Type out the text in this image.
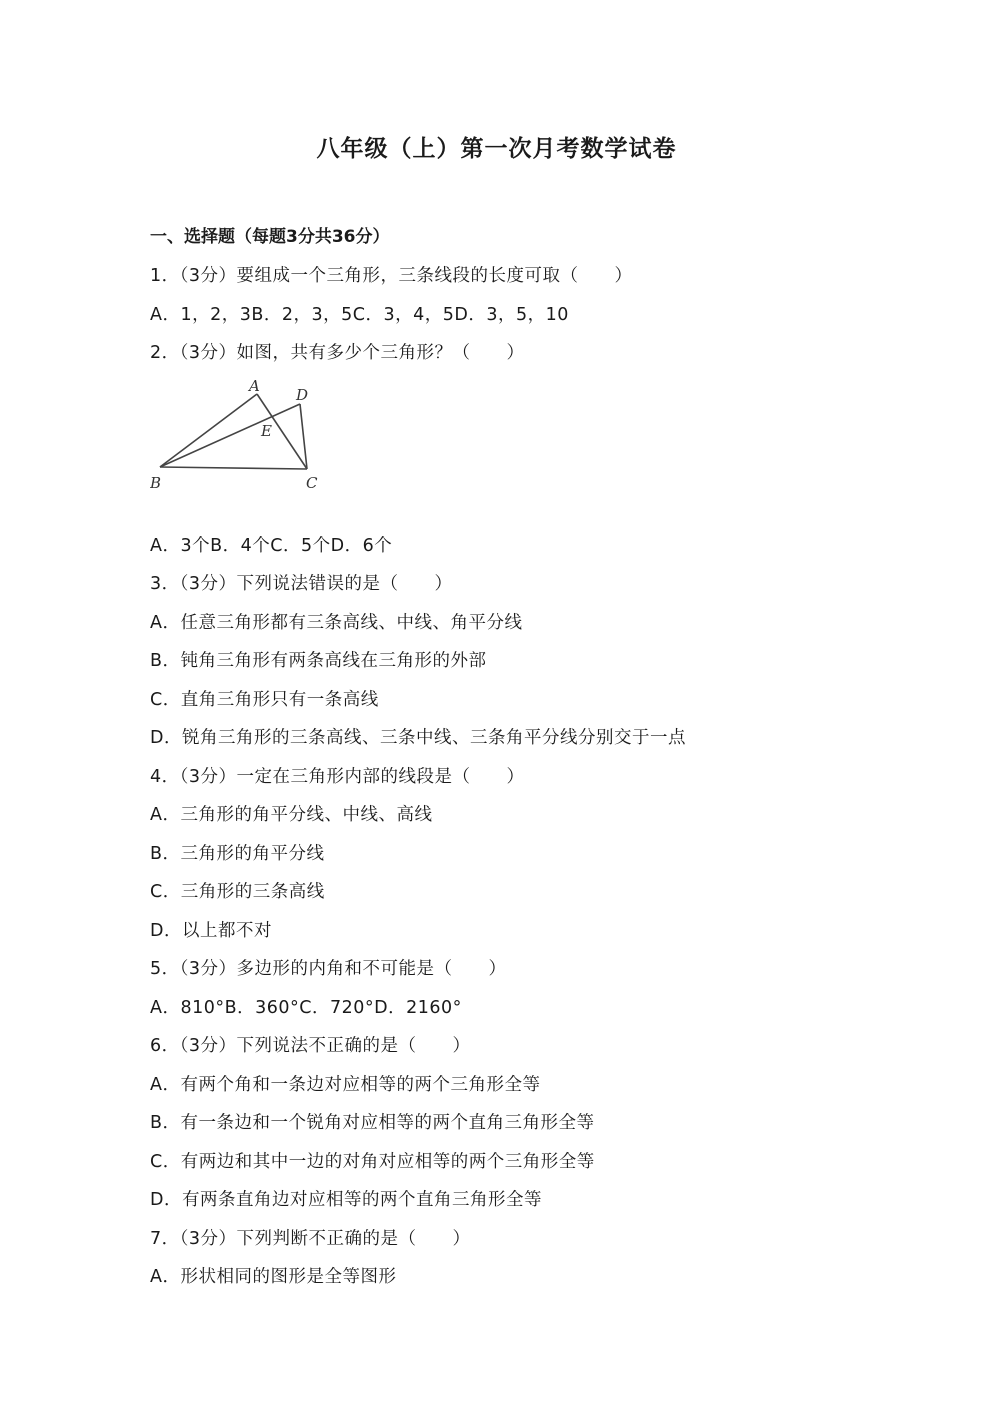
八年级（上）第一次月考数学试卷
一、选择题（每题3分共36分）
1．（3分）要组成一个三角形，三条线段的长度可取（　　）
A．1，2，3B．2，3，5C．3，4，5D．3，5，10
2．（3分）如图，共有多少个三角形？（　　）
A D
E
B	C
A．3个B．4个C．5个D．6个
3．（3分）下列说法错误的是（　　）
A．任意三角形都有三条高线、中线、角平分线
B．钝角三角形有两条高线在三角形的外部
C．直角三角形只有一条高线
D．锐角三角形的三条高线、三条中线、三条角平分线分别交于一点
4．（3分）一定在三角形内部的线段是（　　）
A．三角形的角平分线、中线、高线
B．三角形的角平分线
C．三角形的三条高线
D．以上都不对
5．（3分）多边形的内角和不可能是（　　）
A．810°B．360°C．720°D．2160°
6．（3分）下列说法不正确的是（　　）
A．有两个角和一条边对应相等的两个三角形全等
B．有一条边和一个锐角对应相等的两个直角三角形全等
C．有两边和其中一边的对角对应相等的两个三角形全等
D．有两条直角边对应相等的两个直角三角形全等
7．（3分）下列判断不正确的是（　　）
A．形状相同的图形是全等图形
